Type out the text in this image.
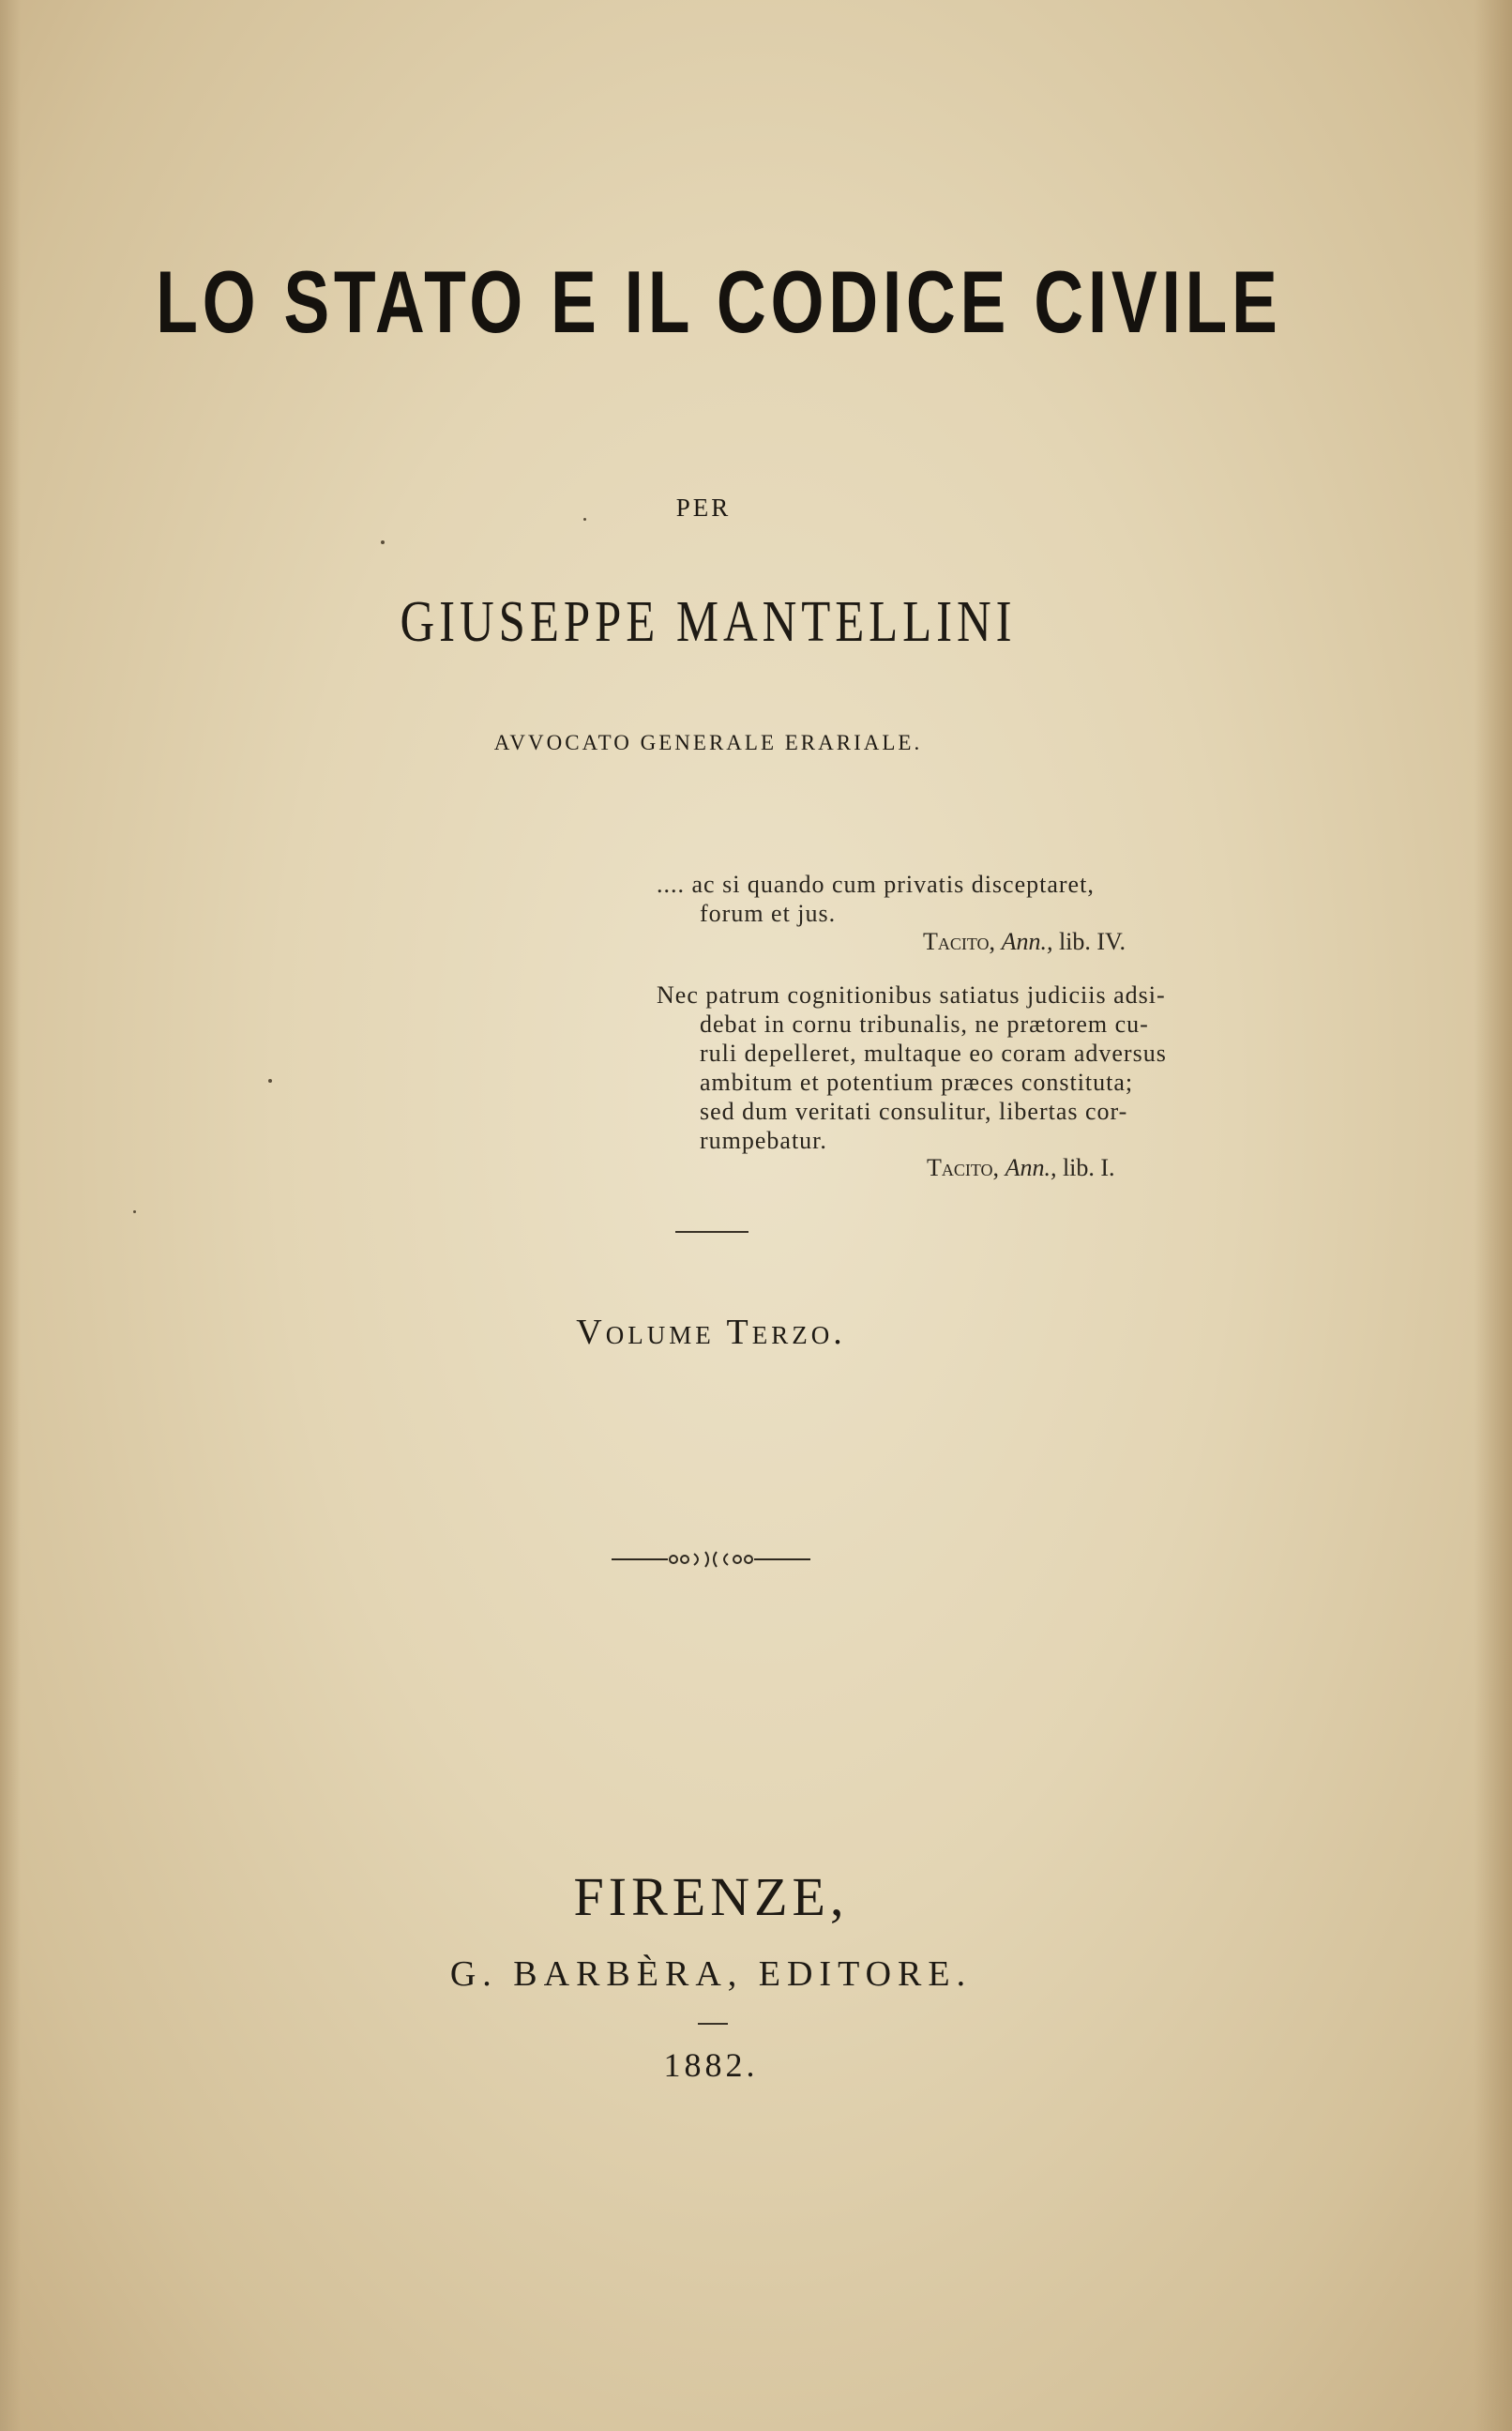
LO STATO E IL CODICE CIVILE
PER
GIUSEPPE MANTELLINI
AVVOCATO GENERALE ERARIALE.
.... ac si quando cum privatis disceptaret,
forum et jus.
Tacito, Ann., lib. IV.
Nec patrum cognitionibus satiatus judiciis adsi-
debat in cornu tribunalis, ne prætorem cu-
ruli depelleret, multaque eo coram adversus
ambitum et potentium præces constituta;
sed dum veritati consulitur, libertas cor-
rumpebatur.
Tacito, Ann., lib. I.
Volume Terzo.
FIRENZE,
G. BARBÈRA, EDITORE.
1882.
